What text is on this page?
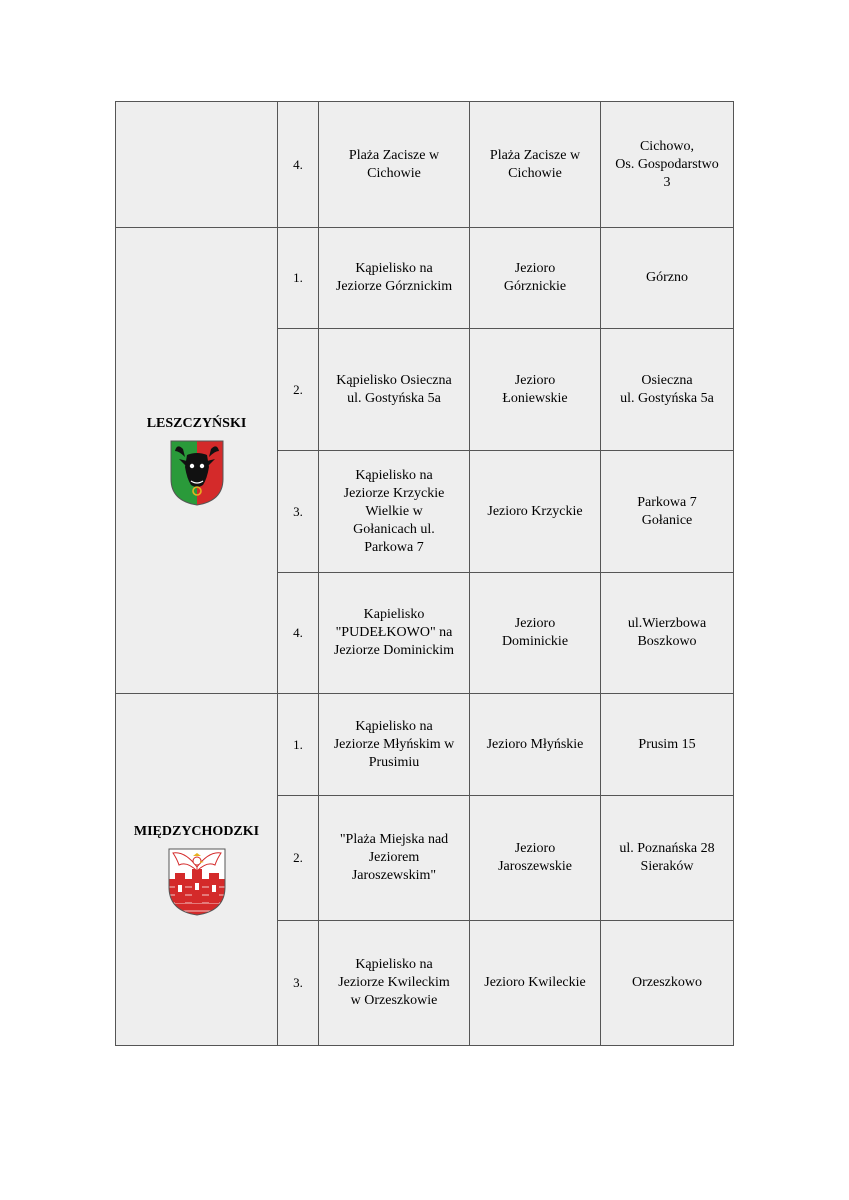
	4.	Plaża Zacisze w
Cichowie	Plaża Zacisze w
Cichowie	Cichowo,
Os. Gospodarstwo
3

LESZCZYŃSKI	1.	Kąpielisko na
Jeziorze Górznickim	Jezioro
Górznickie	Górzno
	2.	Kąpielisko Osieczna
ul. Gostyńska 5a	Jezioro
Łoniewskie	Osieczna
ul. Gostyńska 5a
	3.	Kąpielisko na
Jeziorze Krzyckie
Wielkie w
Gołanicach ul.
Parkowa 7	Jezioro Krzyckie	Parkowa 7
Gołanice
	4.	Kapielisko
"PUDEŁKOWO" na
Jeziorze Dominickim	Jezioro
Dominickie	ul.Wierzbowa
Boszkowo

MIĘDZYCHODZKI	1.	Kąpielisko na
Jeziorze Młyńskim w
Prusimiu	Jezioro Młyńskie	Prusim 15
	2.	"Plaża Miejska nad
Jeziorem
Jaroszewskim"	Jezioro
Jaroszewskie	ul. Poznańska 28
Sieraków
	3.	Kąpielisko na
Jeziorze Kwileckim
w Orzeszkowie	Jezioro Kwileckie	Orzeszkowo
